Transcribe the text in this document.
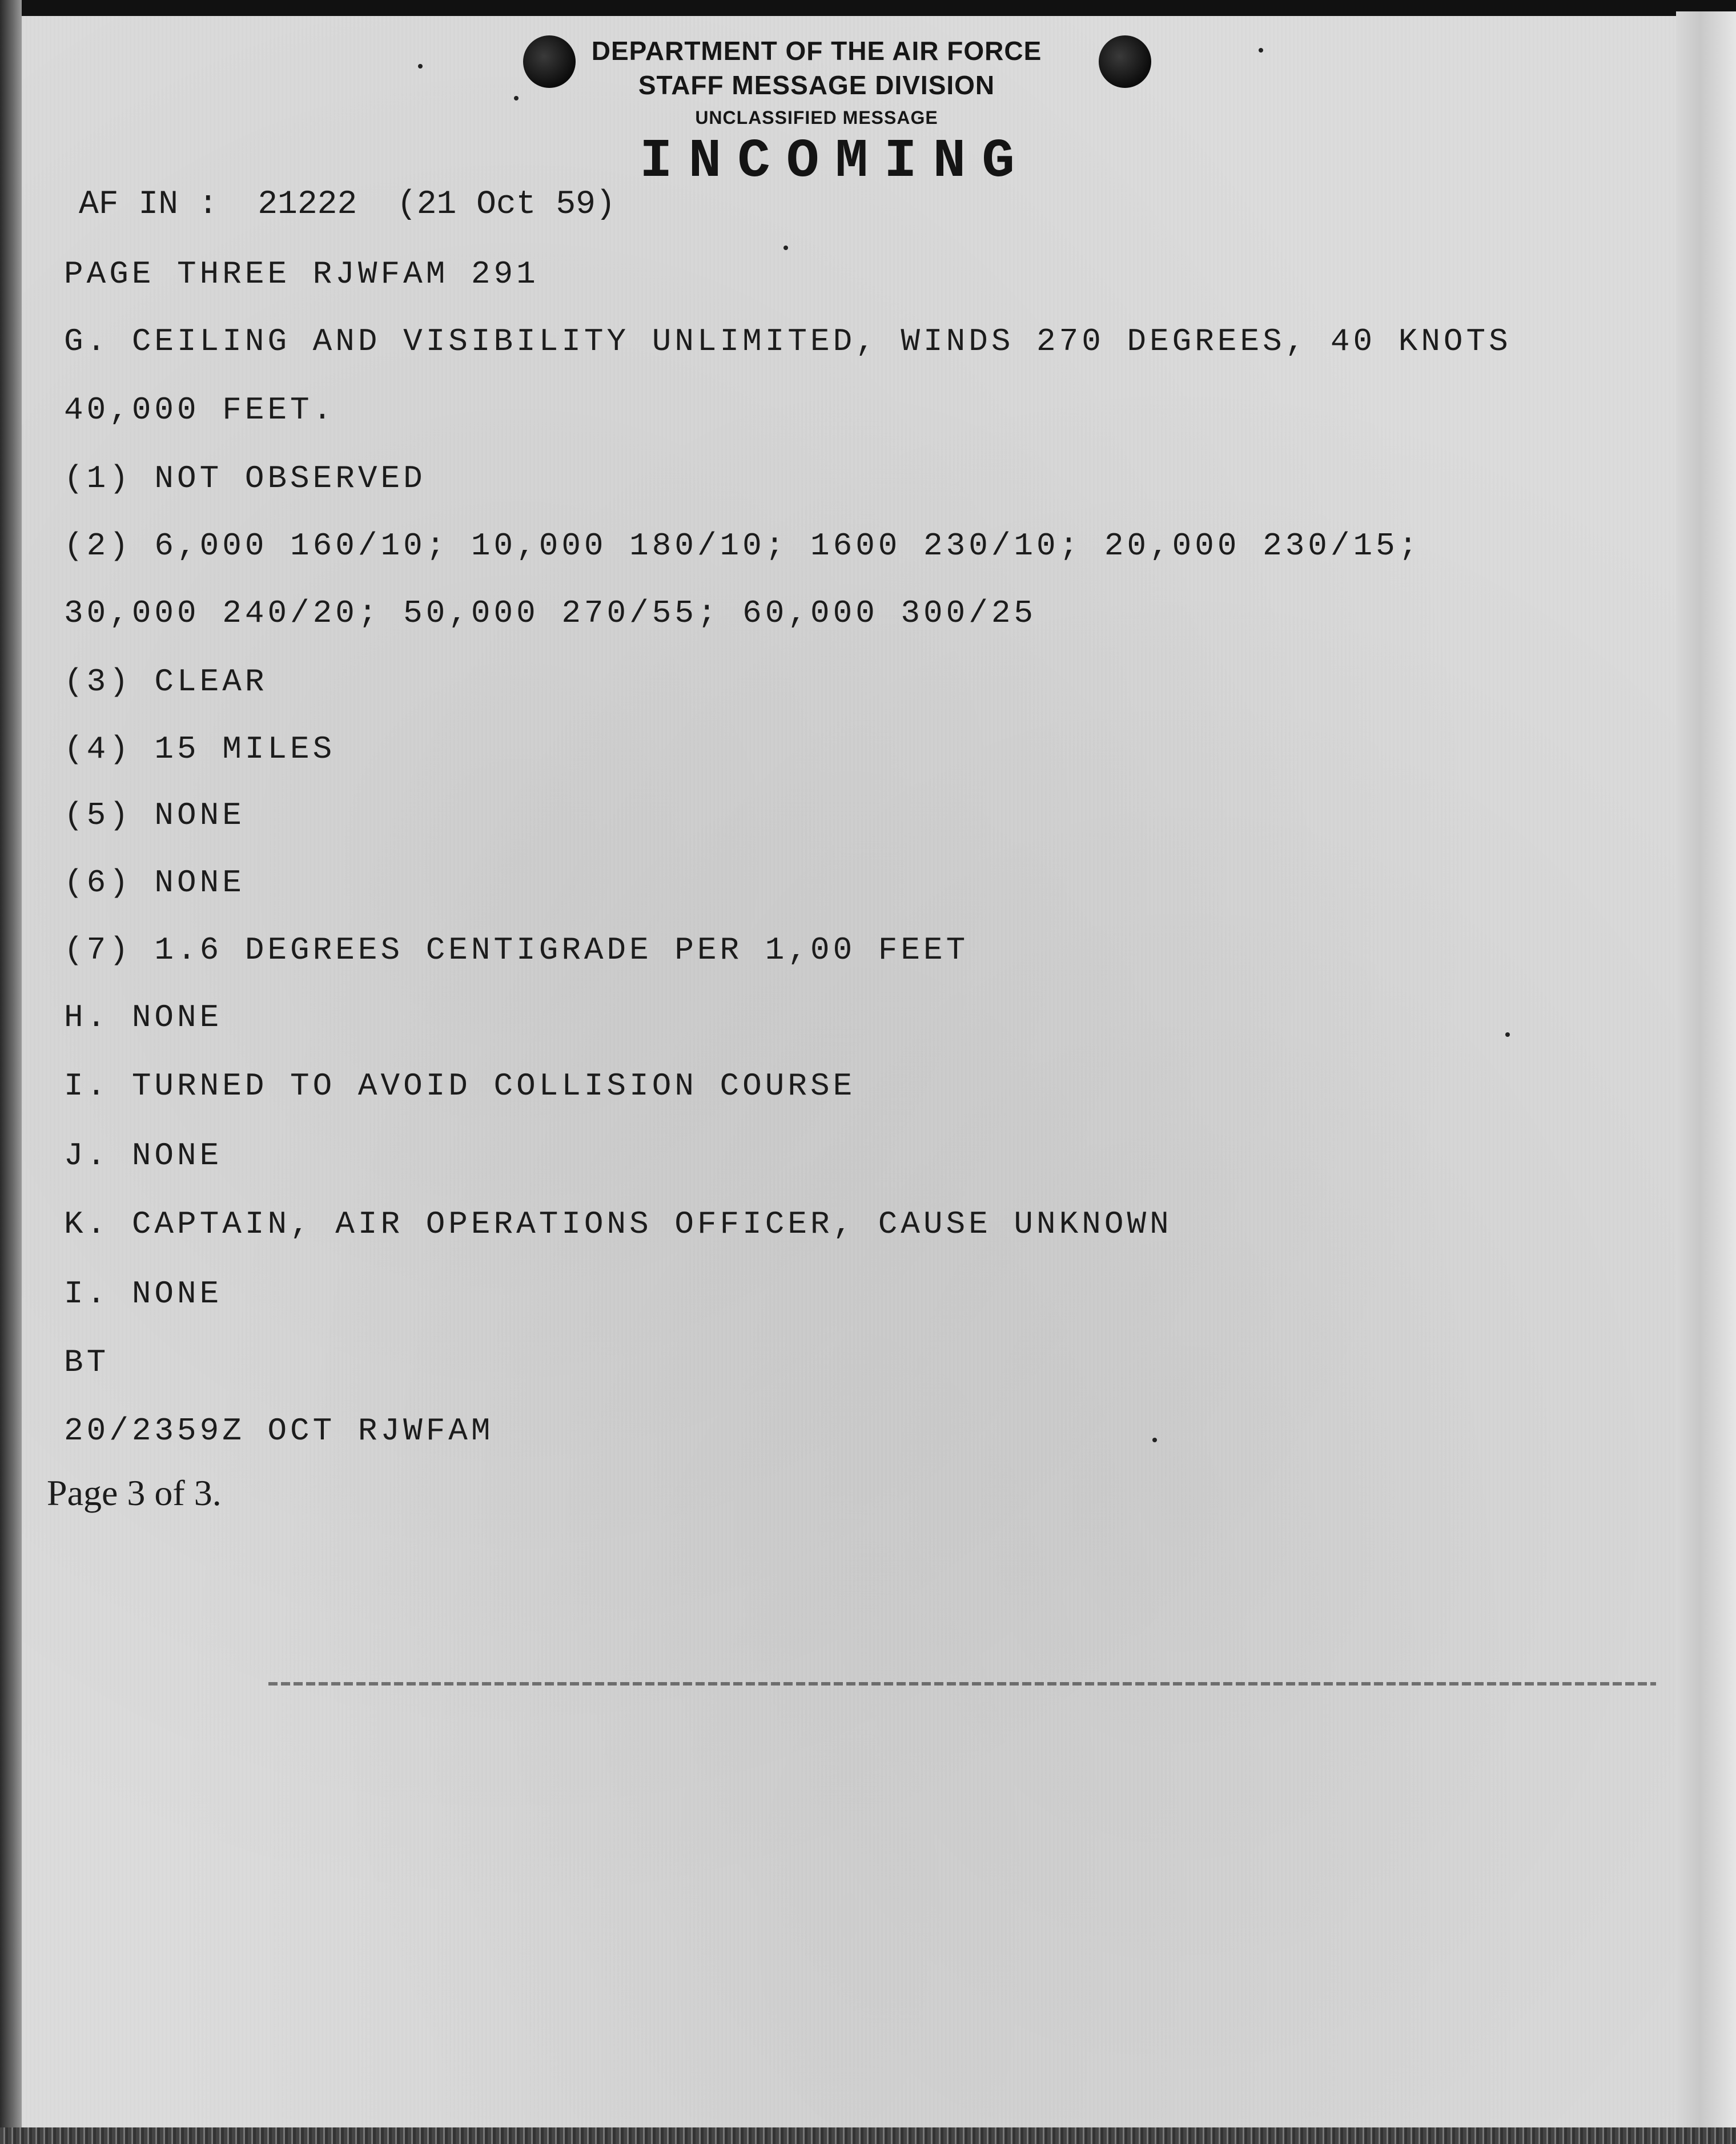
DEPARTMENT OF THE AIR FORCE
STAFF MESSAGE DIVISION
UNCLASSIFIED MESSAGE
INCOMING
AF IN :  21222  (21 Oct 59)
PAGE THREE RJWFAM 291
G. CEILING AND VISIBILITY UNLIMITED, WINDS 270 DEGREES, 40 KNOTS
40,000 FEET.
(1) NOT OBSERVED
(2) 6,000 160/10; 10,000 180/10; 1600 230/10; 20,000 230/15;
30,000 240/20; 50,000 270/55; 60,000 300/25
(3) CLEAR
(4) 15 MILES
(5) NONE
(6) NONE
(7) 1.6 DEGREES CENTIGRADE PER 1,00 FEET
H. NONE
I. TURNED TO AVOID COLLISION COURSE
J. NONE
K. CAPTAIN, AIR OPERATIONS OFFICER, CAUSE UNKNOWN
I. NONE
BT
20/2359Z OCT RJWFAM
Page 3 of 3.
